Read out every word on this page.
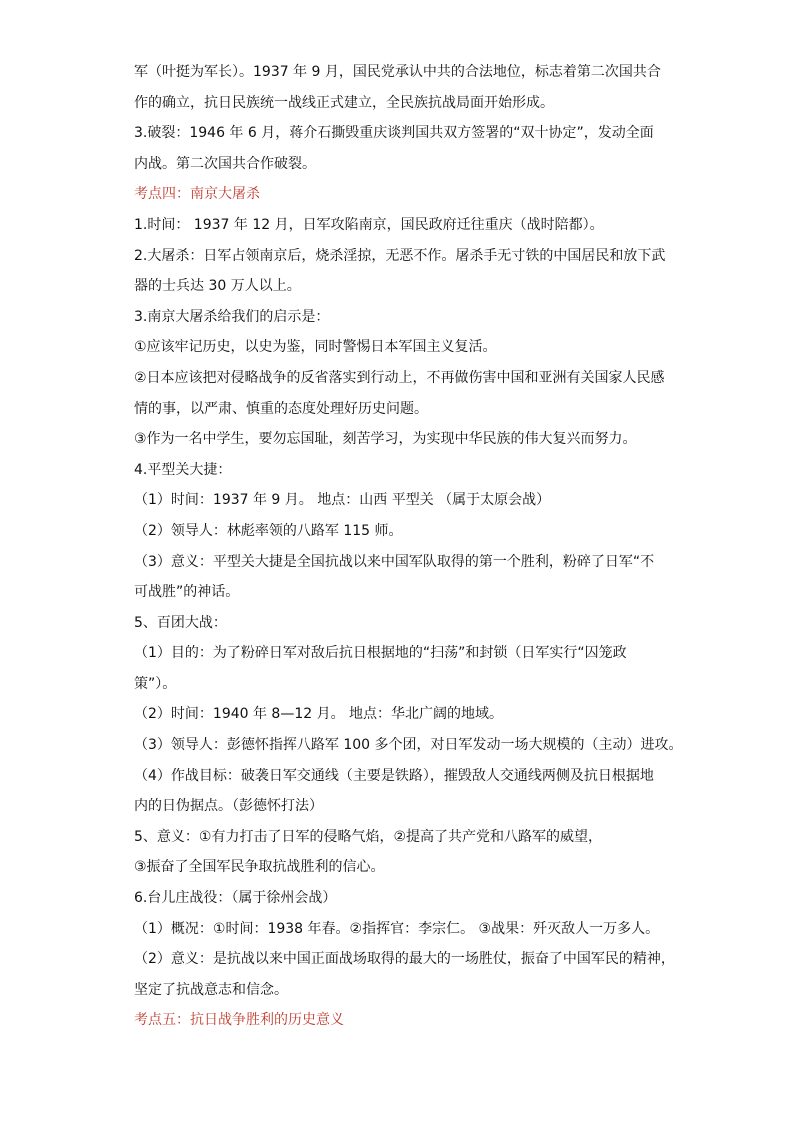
军（叶挺为军长）。1937 年 9 月，国民党承认中共的合法地位，标志着第二次国共合
作的确立，抗日民族统一战线正式建立，全民族抗战局面开始形成。
3.破裂：1946 年 6 月，蒋介石撕毁重庆谈判国共双方签署的“双十协定”，发动全面
内战。第二次国共合作破裂。
考点四：南京大屠杀
1.时间： 1937 年 12 月，日军攻陷南京，国民政府迁往重庆（战时陪都）。
2.大屠杀：日军占领南京后，烧杀淫掠，无恶不作。屠杀手无寸铁的中国居民和放下武
器的士兵达 30 万人以上。
3.南京大屠杀给我们的启示是：
①应该牢记历史，以史为鉴，同时警惕日本军国主义复活。
②日本应该把对侵略战争的反省落实到行动上，不再做伤害中国和亚洲有关国家人民感
情的事，以严肃、慎重的态度处理好历史问题。
③作为一名中学生，要勿忘国耻，刻苦学习，为实现中华民族的伟大复兴而努力。
4.平型关大捷：
（1）时间：1937 年 9 月。 地点：山西 平型关 （属于太原会战）
（2）领导人：林彪率领的八路军 115 师。
（3）意义：平型关大捷是全国抗战以来中国军队取得的第一个胜利，粉碎了日军“不
可战胜”的神话。
5、百团大战：
（1）目的：为了粉碎日军对敌后抗日根据地的“扫荡”和封锁（日军实行“囚笼政
策”）。
（2）时间：1940 年 8—12 月。 地点：华北广阔的地域。
（3）领导人：彭德怀指挥八路军 100 多个团，对日军发动一场大规模的（主动）进攻。
（4）作战目标：破袭日军交通线（主要是铁路），摧毁敌人交通线两侧及抗日根据地
内的日伪据点。（彭德怀打法）
5、意义：①有力打击了日军的侵略气焰，②提高了共产党和八路军的威望，
③振奋了全国军民争取抗战胜利的信心。
6.台儿庄战役：（属于徐州会战）
（1）概况：①时间：1938 年春。②指挥官：李宗仁。 ③战果：歼灭敌人一万多人。
（2）意义：是抗战以来中国正面战场取得的最大的一场胜仗，振奋了中国军民的精神，
坚定了抗战意志和信念。
考点五：抗日战争胜利的历史意义
